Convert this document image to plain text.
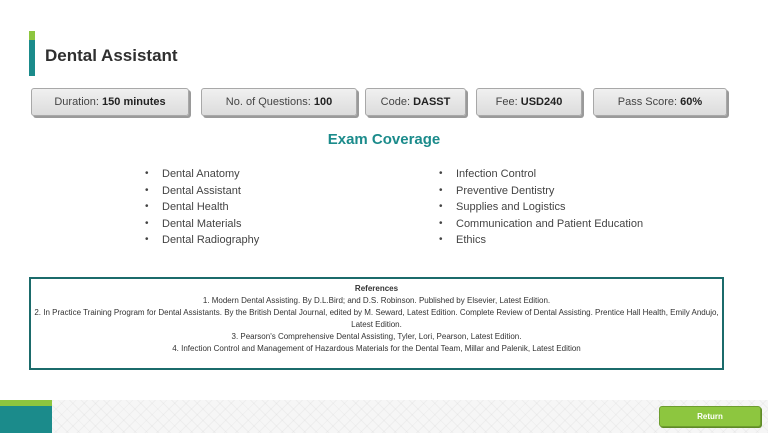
Dental Assistant
Duration: 150 minutes	No. of Questions: 100	Code: DASST	Fee: USD240	Pass Score: 60%
Exam Coverage
• Dental Anatomy
• Dental Assistant
• Dental Health
• Dental Materials
• Dental Radiography
• Infection Control
• Preventive Dentistry
• Supplies and Logistics
• Communication and Patient Education
• Ethics
References
1. Modern Dental Assisting. By D.L.Bird; and D.S. Robinson. Published by Elsevier, Latest Edition.
2. In Practice Training Program for Dental Assistants. By the British Dental Journal, edited by M. Seward, Latest Edition. Complete Review of Dental Assisting. Prentice Hall Health, Emily Andujo, Latest Edition.
3. Pearson's Comprehensive Dental Assisting, Tyler, Lori, Pearson, Latest Edition.
4. Infection Control and Management of Hazardous Materials for the Dental Team, Millar and Palenik, Latest Edition
Return
